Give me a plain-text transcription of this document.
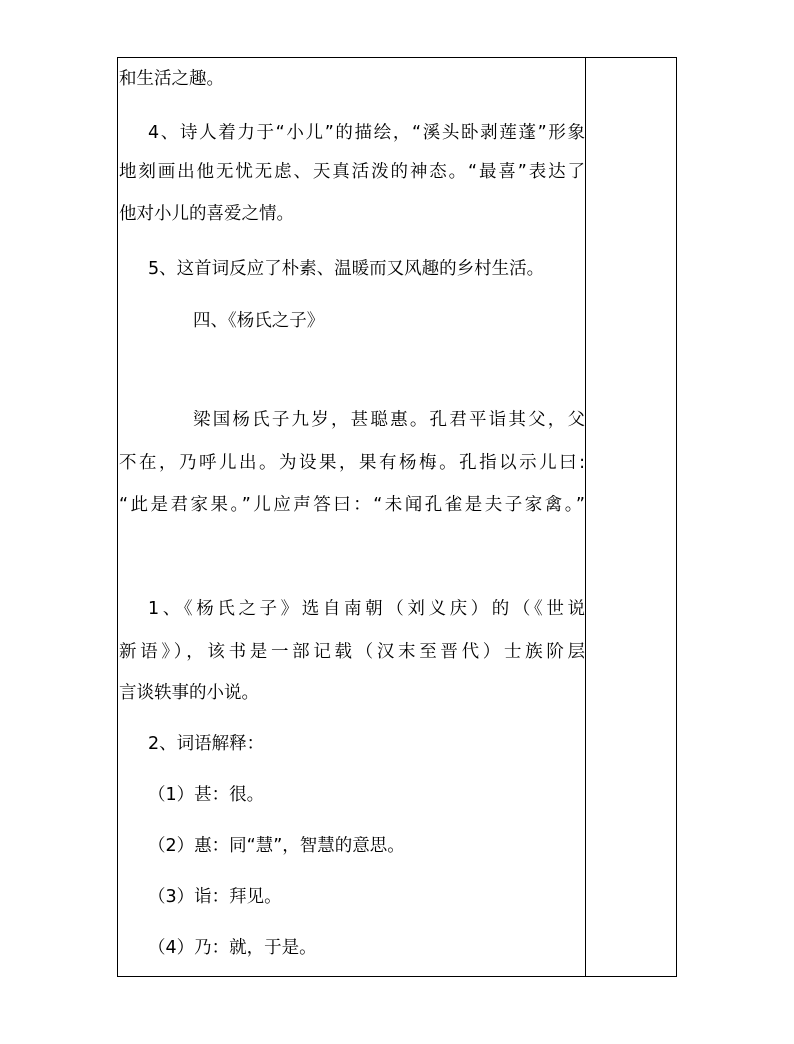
和生活之趣。
4、诗人着力于“小儿”的描绘，“溪头卧剥莲蓬”形象
地刻画出他无忧无虑、天真活泼的神态。“最喜”表达了
他对小儿的喜爱之情。
5、这首词反应了朴素、温暖而又风趣的乡村生活。
四、《杨氏之子》
梁国杨氏子九岁，甚聪惠。孔君平诣其父，父
不在，乃呼儿出。为设果，果有杨梅。孔指以示儿曰:
“此是君家果。”儿应声答曰：“未闻孔雀是夫子家禽。”
1、《杨氏之子》选自南朝（刘义庆）的（《世说
新语》），该书是一部记载（汉末至晋代）士族阶层
言谈轶事的小说。
2、词语解释：
（1）甚：很。
（2）惠：同“慧”，智慧的意思。
（3）诣：拜见。
（4）乃：就，于是。
